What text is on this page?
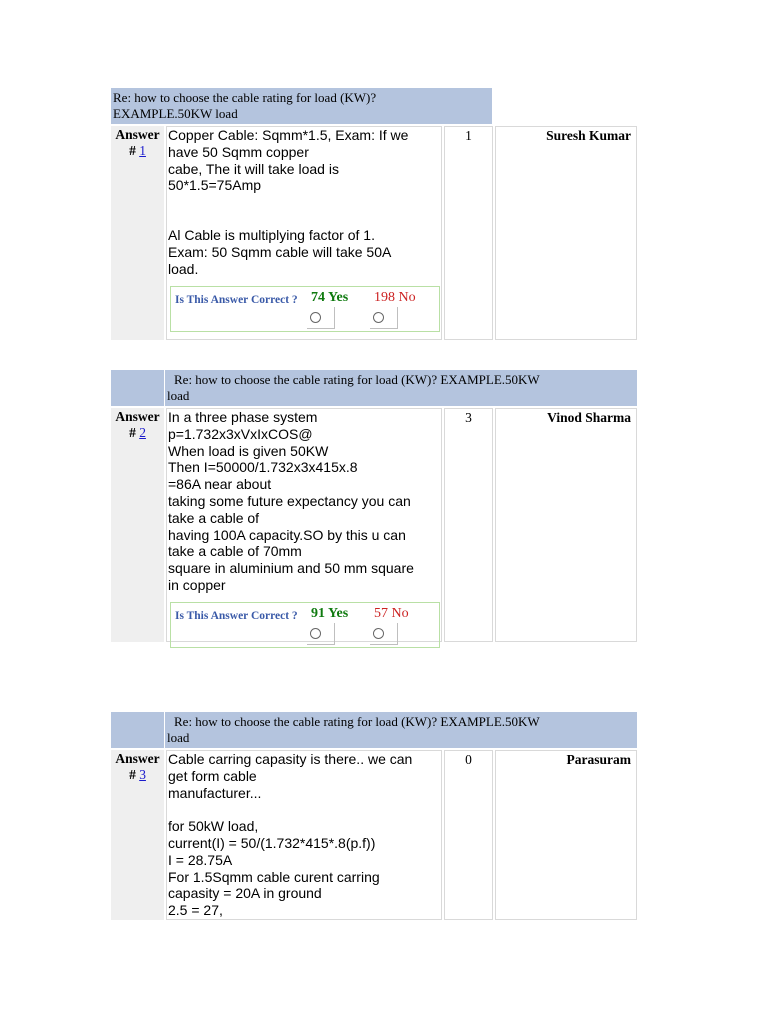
Re: how to choose the cable rating for load (KW)?
EXAMPLE.50KW load
Answer
# 1
Copper Cable: Sqmm*1.5, Exam: If we
have 50 Sqmm copper
cabe, The it will take load is
50*1.5=75Amp
Al Cable is multiplying factor of 1.
Exam: 50 Sqmm cable will take 50A
load.
Is This Answer Correct ? 74 Yes 198 No
1	Suresh Kumar
Re: how to choose the cable rating for load (KW)? EXAMPLE.50KW
load
Answer
# 2
In a three phase system
p=1.732x3xVxIxCOS@
When load is given 50KW
Then I=50000/1.732x3x415x.8
=86A near about
taking some future expectancy you can
take a cable of
having 100A capacity.SO by this u can
take a cable of 70mm
square in aluminium and 50 mm square
in copper
Is This Answer Correct ? 91 Yes 57 No
3	Vinod Sharma
Re: how to choose the cable rating for load (KW)? EXAMPLE.50KW
load
Answer
# 3
Cable carring capasity is there.. we can
get form cable
manufacturer...
for 50kW load,
current(I) = 50/(1.732*415*.8(p.f))
I = 28.75A
For 1.5Sqmm cable curent carring
capasity = 20A in ground
2.5 = 27,
0	Parasuram
